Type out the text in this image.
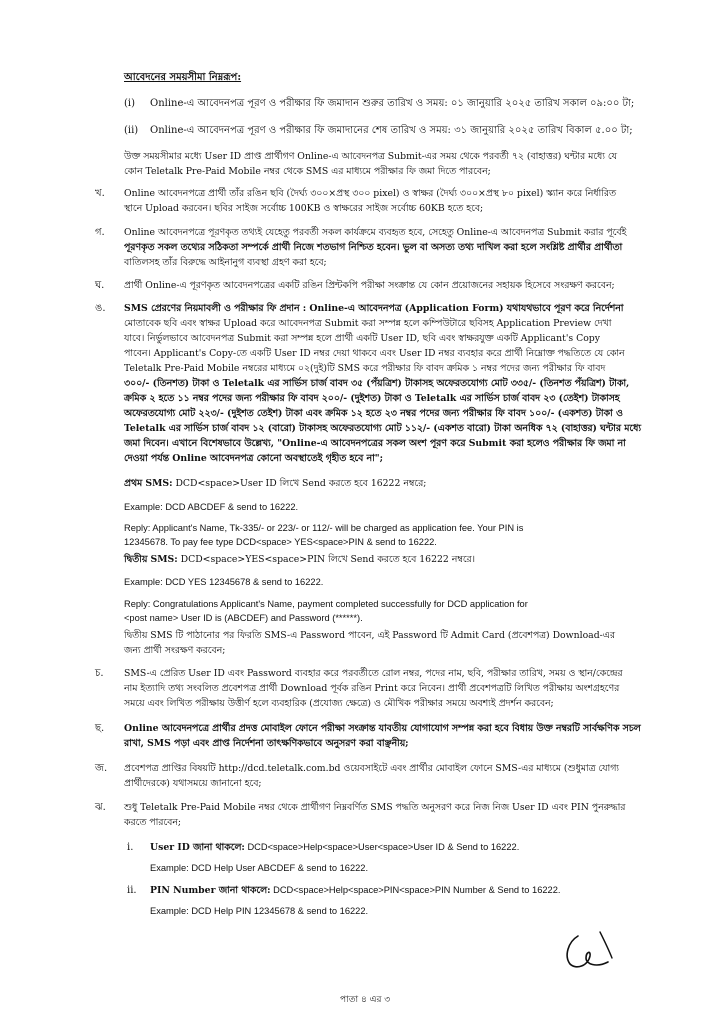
আবেদনের সময়সীমা নিম্নরূপ:
(i) Online-এ আবেদনপত্র পূরণ ও পরীক্ষার ফি জমাদান শুরুর তারিখ ও সময়: ০১ জানুয়ারি ২০২৫ তারিখ সকাল ০৯:০০ টা;
(ii) Online-এ আবেদনপত্র পূরণ ও পরীক্ষার ফি জমাদানের শেষ তারিখ ও সময়: ৩১ জানুয়ারি ২০২৫ তারিখ বিকাল ৫.০০ টা;
উক্ত সময়সীমার মধ্যে User ID প্রাপ্ত প্রার্থীগণ Online-এ আবেদনপত্র Submit-এর সময় থেকে পরবর্তী ৭২ (বাহাত্তর) ঘন্টার মধ্যে যে
কোন Teletalk Pre-Paid Mobile নম্বর থেকে SMS এর মাধ্যমে পরীক্ষার ফি জমা দিতে পারবেন;
খ. Online আবেদনপত্রে প্রার্থী তাঁর রঙিন ছবি (দৈর্ঘ্য ৩০০×প্রস্থ ৩০০ pixel) ও স্বাক্ষর (দৈর্ঘ্য ৩০০×প্রস্থ ৮০ pixel) স্ক্যান করে নির্ধারিত
স্থানে Upload করবেন। ছবির সাইজ সর্বোচ্চ 100KB ও স্বাক্ষরের সাইজ সর্বোচ্চ 60KB হতে হবে;
গ. Online আবেদনপত্রে পূরণকৃত তথ্যই যেহেতু পরবর্তী সকল কার্যক্রমে ব্যবহৃত হবে, সেহেতু Online-এ আবেদনপত্র Submit করার পূর্বেই
পূরণকৃত সকল তথ্যের সঠিকতা সম্পর্কে প্রার্থী নিজে শতভাগ নিশ্চিত হবেন। ভুল বা অসত্য তথ্য দাখিল করা হলে সংশ্লিষ্ট প্রার্থীর প্রার্থীতা
বাতিলসহ তাঁর বিরুদ্ধে আইনানুগ ব্যবস্থা গ্রহণ করা হবে;
ঘ. প্রার্থী Online-এ পূরণকৃত আবেদনপত্রের একটি রঙিন প্রিন্টকপি পরীক্ষা সংক্রান্ত যে কোন প্রয়োজনের সহায়ক হিসেবে সংরক্ষণ করবেন;
ঙ. SMS প্রেরণের নিয়মাবলী ও পরীক্ষার ফি প্রদান : Online-এ আবেদনপত্র (Application Form) যথাযথভাবে পূরণ করে নির্দেশনা
মোতাবেক ছবি এবং স্বাক্ষর Upload করে আবেদনপত্র Submit করা সম্পন্ন হলে কম্পিউটারে ছবিসহ Application Preview দেখা
যাবে। নির্ভুলভাবে আবেদনপত্র Submit করা সম্পন্ন হলে প্রার্থী একটি User ID, ছবি এবং স্বাক্ষরযুক্ত একটি Applicant's Copy
পাবেন। Applicant's Copy-তে একটি User ID নম্বর দেয়া থাকবে এবং User ID নম্বর ব্যবহার করে প্রার্থী নিম্নোক্ত পদ্ধতিতে যে কোন
Teletalk Pre-Paid Mobile নম্বরের মাধ্যমে ০২(দুই)টি SMS করে পরীক্ষার ফি বাবদ ক্রমিক ১ নম্বর পদের জন্য পরীক্ষার ফি বাবদ
৩০০/- (তিনশত) টাকা ও Teletalk এর সার্ভিস চার্জ বাবদ ৩৫ (পঁয়ত্রিশ) টাকাসহ অফেরতযোগ্য মোট ৩৩৫/- (তিনশত পঁয়ত্রিশ) টাকা,
ক্রমিক ২ হতে ১১ নম্বর পদের জন্য পরীক্ষার ফি বাবদ ২০০/- (দুইশত) টাকা ও Teletalk এর সার্ভিস চার্জ বাবদ ২৩ (তেইশ) টাকাসহ
অফেরতযোগ্য মোট ২২৩/- (দুইশত তেইশ) টাকা এবং ক্রমিক ১২ হতে ২৩ নম্বর পদের জন্য পরীক্ষার ফি বাবদ ১০০/- (একশত) টাকা ও
Teletalk এর সার্ভিস চার্জ বাবদ ১২ (বারো) টাকাসহ অফেরতযোগ্য মোট ১১২/- (একশত বারো) টাকা অনধিক ৭২ (বাহাত্তর) ঘন্টার মধ্যে
জমা দিবেন। এখানে বিশেষভাবে উল্লেখ্য, "Online-এ আবেদনপত্রের সকল অংশ পূরণ করে Submit করা হলেও পরীক্ষার ফি জমা না
দেওয়া পর্যন্ত Online আবেদনপত্র কোনো অবস্থাতেই গৃহীত হবে না";
প্রথম SMS: DCD<space>User ID লিখে Send করতে হবে 16222 নম্বরে;
Example: DCD ABCDEF & send to 16222.
Reply: Applicant's Name, Tk-335/- or 223/- or 112/- will be charged as application fee. Your PIN is
12345678. To pay fee type DCD<space> YES<space>PIN & send to 16222.
দ্বিতীয় SMS: DCD<space>YES<space>PIN লিখে Send করতে হবে 16222 নম্বরে।
Example: DCD YES 12345678 & send to 16222.
Reply: Congratulations Applicant's Name, payment completed successfully for DCD application for
<post name> User ID is (ABCDEF) and Password (******).
দ্বিতীয় SMS টি পাঠানোর পর ফিরতি SMS-এ Password পাবেন, এই Password টি Admit Card (প্রবেশপত্র) Download-এর
জন্য প্রার্থী সংরক্ষণ করবেন;
চ. SMS-এ প্রেরিত User ID এবং Password ব্যবহার করে পরবর্তীতে রোল নম্বর, পদের নাম, ছবি, পরীক্ষার তারিখ, সময় ও স্থান/কেন্দ্রের
নাম ইত্যাদি তথ্য সংবলিত প্রবেশপত্র প্রার্থী Download পূর্বক রঙিন Print করে নিবেন। প্রার্থী প্রবেশপত্রটি লিখিত পরীক্ষায় অংশগ্রহণের
সময়ে এবং লিখিত পরীক্ষায় উত্তীর্ণ হলে ব্যবহারিক (প্রযোজ্য ক্ষেত্রে) ও মৌখিক পরীক্ষার সময়ে অবশ্যই প্রদর্শন করবেন;
ছ. Online আবেদনপত্রে প্রার্থীর প্রদত্ত মোবাইল ফোনে পরীক্ষা সংক্রান্ত যাবতীয় যোগাযোগ সম্পন্ন করা হবে বিধায় উক্ত নম্বরটি সার্বক্ষণিক সচল
রাখা, SMS পড়া এবং প্রাপ্ত নির্দেশনা তাৎক্ষণিকভাবে অনুসরণ করা বাঞ্ছনীয়;
জ. প্রবেশপত্র প্রাপ্তির বিষয়টি http://dcd.teletalk.com.bd ওয়েবসাইটে এবং প্রার্থীর মোবাইল ফোনে SMS-এর মাধ্যমে (শুধুমাত্র যোগ্য
প্রার্থীদেরকে) যথাসময়ে জানানো হবে;
ঝ. শুধু Teletalk Pre-Paid Mobile নম্বর থেকে প্রার্থীগণ নিম্নবর্ণিত SMS পদ্ধতি অনুসরণ করে নিজ নিজ User ID এবং PIN পুনরুদ্ধার
করতে পারবেন;
i. User ID জানা থাকলে: DCD<space>Help<space>User<space>User ID & Send to 16222.
Example: DCD Help User ABCDEF & send to 16222.
ii. PIN Number জানা থাকলে: DCD<space>Help<space>PIN<space>PIN Number & Send to 16222.
Example: DCD Help PIN 12345678 & send to 16222.
পাতা ৪ এর ৩
